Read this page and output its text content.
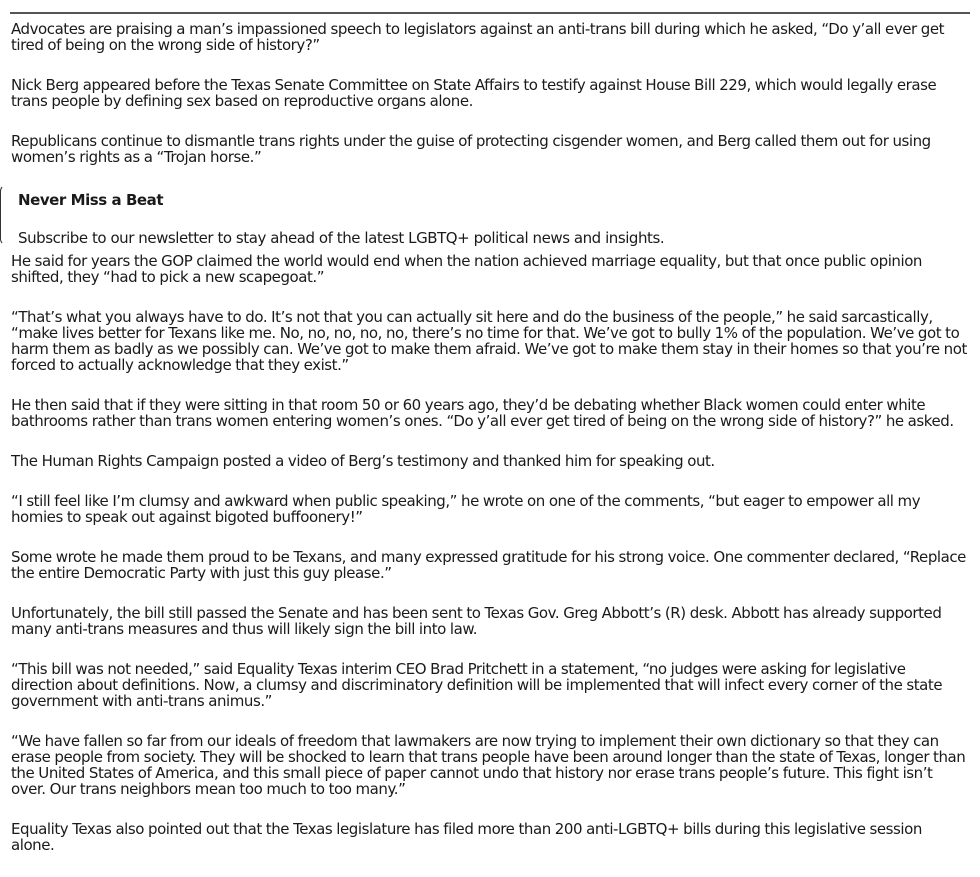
Advocates are praising a man’s impassioned speech to legislators against an anti-trans bill during which he asked, “Do y’all ever get tired of being on the wrong side of history?”

Nick Berg appeared before the Texas Senate Committee on State Affairs to testify against House Bill 229, which would legally erase trans people by defining sex based on reproductive organs alone.

Republicans continue to dismantle trans rights under the guise of protecting cisgender women, and Berg called them out for using women’s rights as a “Trojan horse.”

Never Miss a Beat

Subscribe to our newsletter to stay ahead of the latest LGBTQ+ political news and insights.

He said for years the GOP claimed the world would end when the nation achieved marriage equality, but that once public opinion shifted, they “had to pick a new scapegoat.”

“That’s what you always have to do. It’s not that you can actually sit here and do the business of the people,” he said sarcastically, “make lives better for Texans like me. No, no, no, no, no, there’s no time for that. We’ve got to bully 1% of the population. We’ve got to harm them as badly as we possibly can. We’ve got to make them afraid. We’ve got to make them stay in their homes so that you’re not forced to actually acknowledge that they exist.”

He then said that if they were sitting in that room 50 or 60 years ago, they’d be debating whether Black women could enter white bathrooms rather than trans women entering women’s ones. “Do y’all ever get tired of being on the wrong side of history?” he asked.

The Human Rights Campaign posted a video of Berg’s testimony and thanked him for speaking out.

“I still feel like I’m clumsy and awkward when public speaking,” he wrote on one of the comments, “but eager to empower all my homies to speak out against bigoted buffoonery!”

Some wrote he made them proud to be Texans, and many expressed gratitude for his strong voice. One commenter declared, “Replace the entire Democratic Party with just this guy please.”

Unfortunately, the bill still passed the Senate and has been sent to Texas Gov. Greg Abbott’s (R) desk. Abbott has already supported many anti-trans measures and thus will likely sign the bill into law.

“This bill was not needed,” said Equality Texas interim CEO Brad Pritchett in a statement, “no judges were asking for legislative direction about definitions. Now, a clumsy and discriminatory definition will be implemented that will infect every corner of the state government with anti-trans animus.”

“We have fallen so far from our ideals of freedom that lawmakers are now trying to implement their own dictionary so that they can erase people from society. They will be shocked to learn that trans people have been around longer than the state of Texas, longer than the United States of America, and this small piece of paper cannot undo that history nor erase trans people’s future. This fight isn’t over. Our trans neighbors mean too much to too many.”

Equality Texas also pointed out that the Texas legislature has filed more than 200 anti-LGBTQ+ bills during this legislative session alone.
